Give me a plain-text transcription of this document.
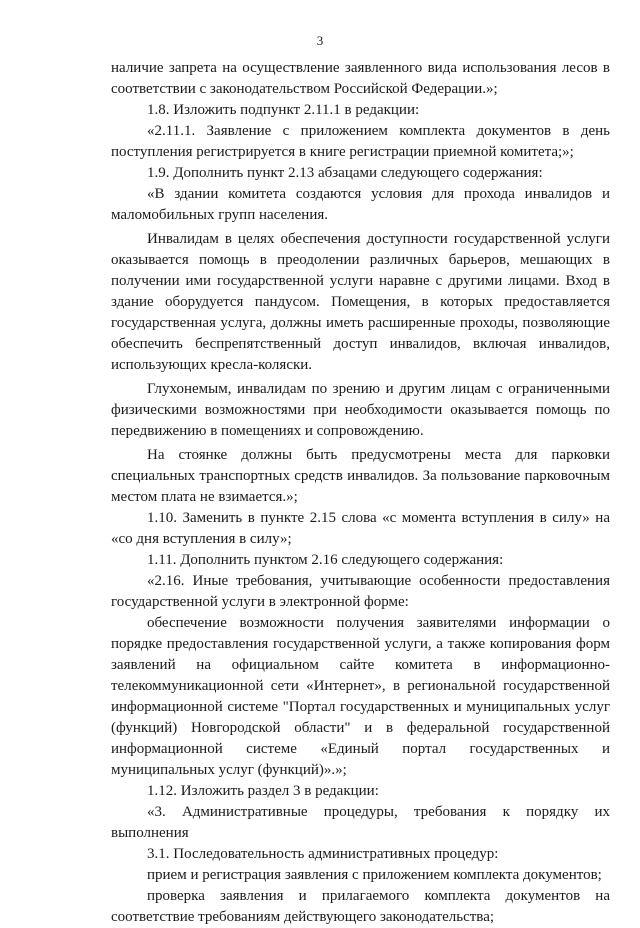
3

наличие запрета на осуществление заявленного вида использования лесов в соответствии с законодательством Российской Федерации.»;

1.8. Изложить подпункт 2.11.1 в редакции:

«2.11.1. Заявление с приложением комплекта документов в день поступления регистрируется в книге регистрации приемной комитета;»;

1.9. Дополнить пункт 2.13 абзацами следующего содержания:

«В здании комитета создаются условия для прохода инвалидов и маломобильных групп населения.

Инвалидам в целях обеспечения доступности государственной услуги оказывается помощь в преодолении различных барьеров, мешающих в получении ими государственной услуги наравне с другими лицами. Вход в здание оборудуется пандусом. Помещения, в которых предоставляется государственная услуга, должны иметь расширенные проходы, позволяющие обеспечить беспрепятственный доступ инвалидов, включая инвалидов, использующих кресла-коляски.

Глухонемым, инвалидам по зрению и другим лицам с ограниченными физическими возможностями при необходимости оказывается помощь по передвижению в помещениях и сопровождению.

На стоянке должны быть предусмотрены места для парковки специальных транспортных средств инвалидов. За пользование парковочным местом плата не взимается.»;

1.10. Заменить в пункте 2.15 слова «с момента вступления в силу» на «со дня вступления в силу»;

1.11. Дополнить пунктом 2.16 следующего содержания:

«2.16. Иные требования, учитывающие особенности предоставления государственной услуги в электронной форме:

обеспечение возможности получения заявителями информации о порядке предоставления государственной услуги, а также копирования форм заявлений на официальном сайте комитета в информационно-телекоммуникационной сети «Интернет», в региональной государственной информационной системе "Портал государственных и муниципальных услуг (функций) Новгородской области" и в федеральной государственной информационной системе «Единый портал государственных и муниципальных услуг (функций)».»;

1.12. Изложить раздел 3 в редакции:

«3. Административные процедуры, требования к порядку их выполнения

3.1. Последовательность административных процедур:

прием и регистрация заявления с приложением комплекта документов;

проверка заявления и прилагаемого комплекта документов на соответствие требованиям действующего законодательства;
